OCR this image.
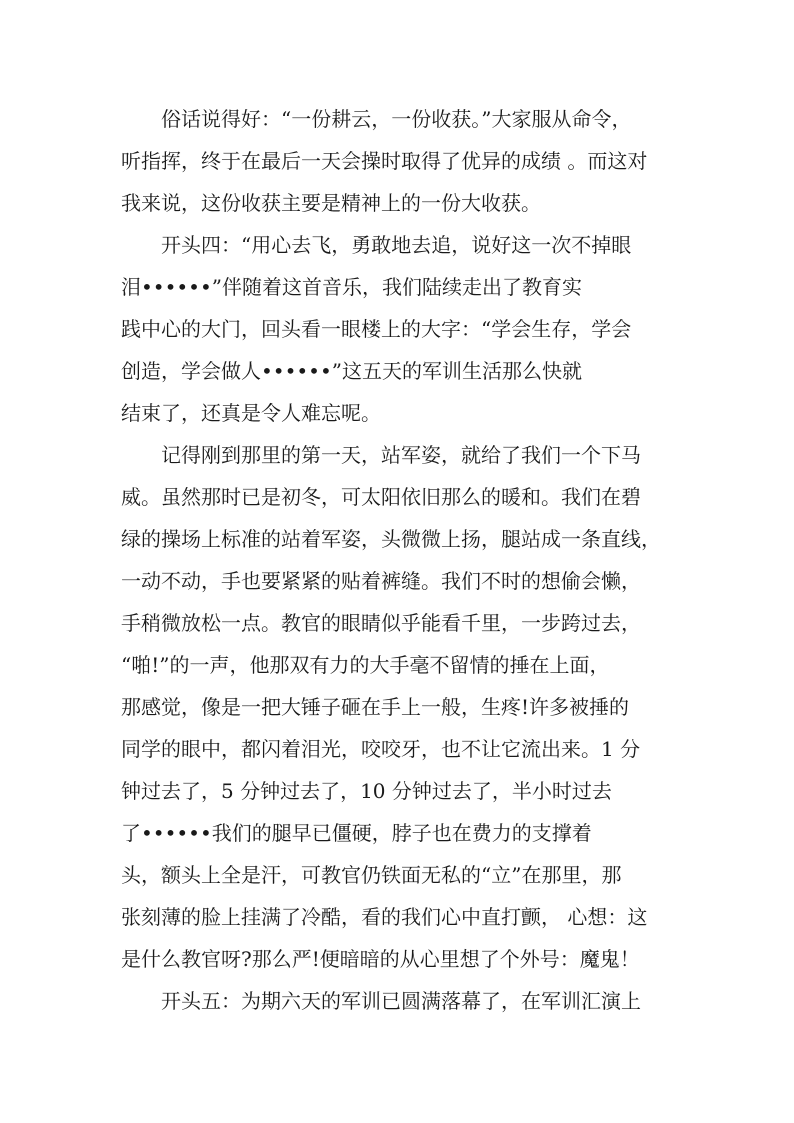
俗话说得好：“一份耕云，一份收获。”大家服从命令，
听指挥，终于在最后一天会操时取得了优异的成绩 。而这对
我来说，这份收获主要是精神上的一份大收获。
开头四：“用心去飞，勇敢地去追，说好这一次不掉眼
泪••••••”伴随着这首音乐，我们陆续走出了教育实
践中心的大门，回头看一眼楼上的大字：“学会生存，学会
创造，学会做人••••••”这五天的军训生活那么快就
结束了，还真是令人难忘呢。
记得刚到那里的第一天，站军姿，就给了我们一个下马
威。虽然那时已是初冬，可太阳依旧那么的暖和。我们在碧
绿的操场上标准的站着军姿，头微微上扬，腿站成一条直线，
一动不动，手也要紧紧的贴着裤缝。我们不时的想偷会懒，
手稍微放松一点。教官的眼睛似乎能看千里，一步跨过去，
“啪!”的一声，他那双有力的大手毫不留情的捶在上面，
那感觉，像是一把大锤子砸在手上一般，生疼!许多被捶的
同学的眼中，都闪着泪光，咬咬牙，也不让它流出来。1 分
钟过去了，5 分钟过去了，10 分钟过去了，半小时过去
了••••••我们的腿早已僵硬，脖子也在费力的支撑着
头，额头上全是汗，可教官仍铁面无私的“立”在那里，那
张刻薄的脸上挂满了冷酷，看的我们心中直打颤， 心想：这
是什么教官呀?那么严!便暗暗的从心里想了个外号：魔鬼！
开头五：为期六天的军训已圆满落幕了，在军训汇演上
